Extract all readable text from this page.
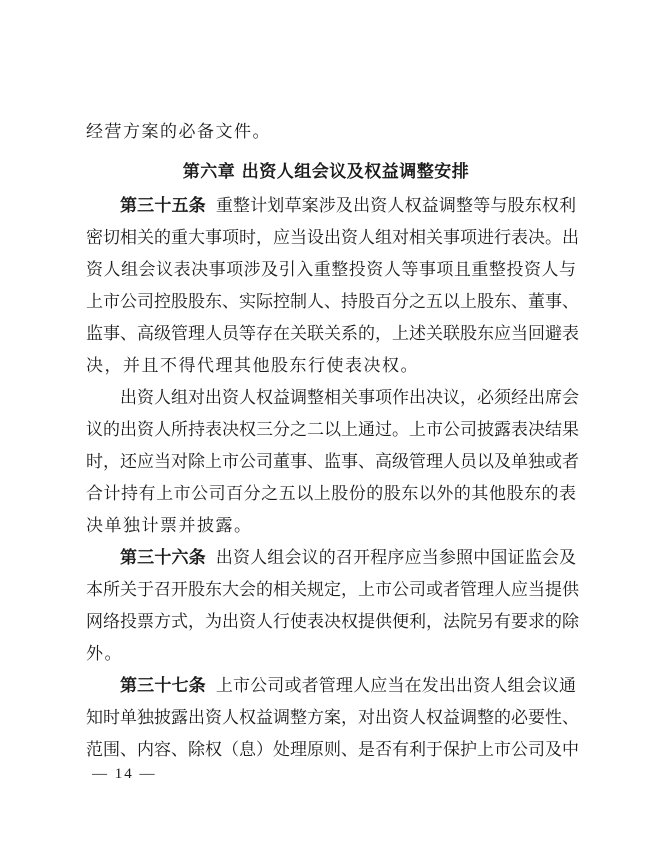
经营方案的必备文件。
第六章 出资人组会议及权益调整安排
第三十五条 重整计划草案涉及出资人权益调整等与股东权利
密切相关的重大事项时，应当设出资人组对相关事项进行表决。出
资人组会议表决事项涉及引入重整投资人等事项且重整投资人与
上市公司控股股东、实际控制人、持股百分之五以上股东、董事、
监事、高级管理人员等存在关联关系的，上述关联股东应当回避表
决，并且不得代理其他股东行使表决权。
出资人组对出资人权益调整相关事项作出决议，必须经出席会
议的出资人所持表决权三分之二以上通过。上市公司披露表决结果
时，还应当对除上市公司董事、监事、高级管理人员以及单独或者
合计持有上市公司百分之五以上股份的股东以外的其他股东的表
决单独计票并披露。
第三十六条 出资人组会议的召开程序应当参照中国证监会及
本所关于召开股东大会的相关规定，上市公司或者管理人应当提供
网络投票方式，为出资人行使表决权提供便利，法院另有要求的除
外。
第三十七条 上市公司或者管理人应当在发出出资人组会议通
知时单独披露出资人权益调整方案，对出资人权益调整的必要性、
范围、内容、除权（息）处理原则、是否有利于保护上市公司及中
— 14 —
